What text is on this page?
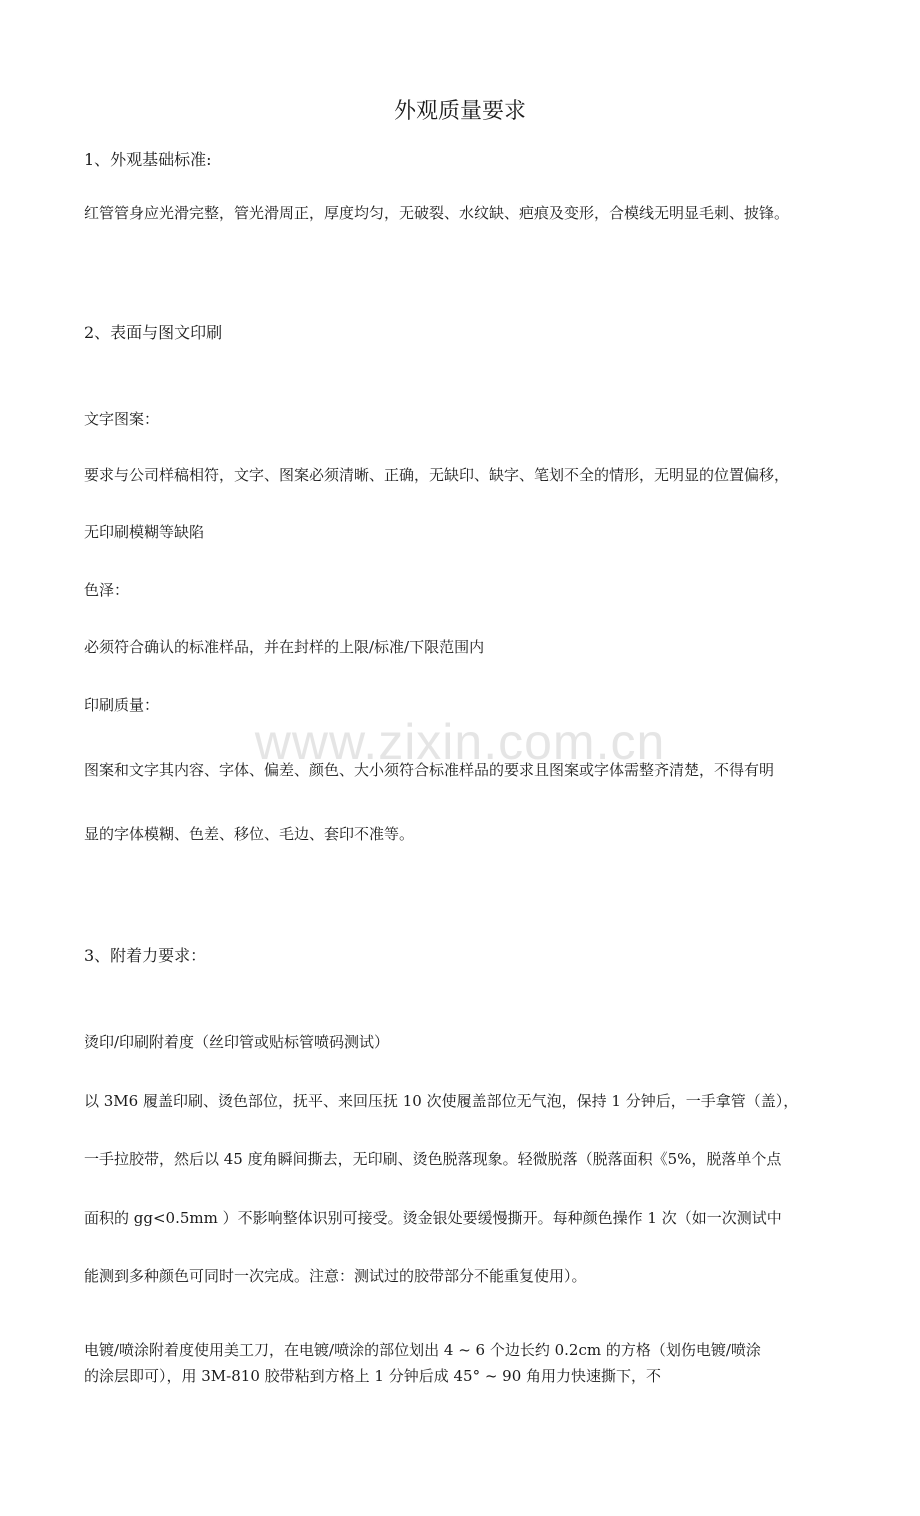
外观质量要求
1、外观基础标准:
红管管身应光滑完整，管光滑周正，厚度均匀，无破裂、水纹缺、疤痕及变形，合模线无明显毛刺、披锋。
2、表面与图文印刷
文字图案：
要求与公司样稿相符，文字、图案必须清晰、正确，无缺印、缺字、笔划不全的情形，无明显的位置偏移，
无印刷模糊等缺陷
色泽：
必须符合确认的标准样品，并在封样的上限/标准/下限范围内
印刷质量：
图案和文字其内容、字体、偏差、颜色、大小须符合标准样品的要求且图案或字体需整齐清楚，不得有明
显的字体模糊、色差、移位、毛边、套印不准等。
3、附着力要求：
烫印/印刷附着度（丝印管或贴标管喷码测试）
以 3M6 履盖印刷、烫色部位，抚平、来回压抚 10 次使履盖部位无气泡，保持 1 分钟后，一手拿管（盖），
一手拉胶带，然后以 45 度角瞬间撕去，无印刷、烫色脱落现象。轻微脱落（脱落面积《5%，脱落单个点
面积的 gg<0.5mm ）不影响整体识别可接受。烫金银处要缓慢撕开。每种颜色操作 1 次（如一次测试中
能测到多种颜色可同时一次完成。注意：测试过的胶带部分不能重复使用）。
电镀/喷涂附着度使用美工刀，在电镀/喷涂的部位划出 4 ~ 6 个边长约 0.2cm 的方格（划伤电镀/喷涂
的涂层即可），用 3M-810 胶带粘到方格上 1 分钟后成 45° ~ 90 角用力快速撕下，不
www.zixin.com.cn
